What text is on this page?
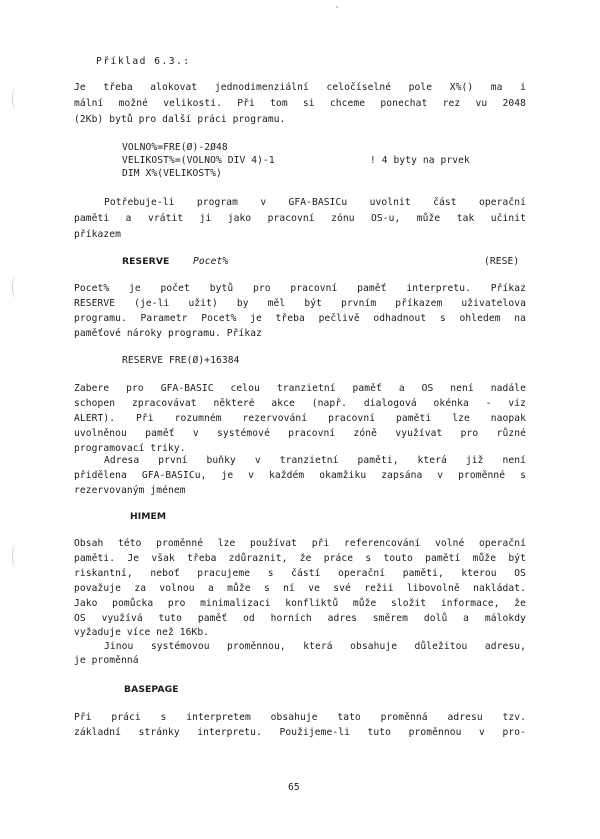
Příklad 6.3.:
Je třeba alokovat jednodimenziální celočíselné pole X%() ma i
mální možné velikosti. Při tom si chceme ponechat rez vu 2048
(2Kb) bytů pro další práci programu.
VOLNO%=FRE(Ø)-2Ø48
VELIKOST%=(VOLNO% DIV 4)-1	! 4 byty na prvek
DIM X%(VELIKOST%)
Potřebuje-li program v GFA-BASICu uvolnit část operační
paměti a vrátit ji jako pracovní zónu OS-u, může tak učinit
příkazem
RESERVE Pocet%	(RESE)
Pocet% je počet bytů pro pracovní paměť interpretu. Příkaz
RESERVE (je-li užit) by měl být prvním příkazem uživatelova
programu. Parametr Pocet% je třeba pečlivě odhadnout s ohledem na
paměťové nároky programu. Příkaz
RESERVE FRE(Ø)+16384
Zabere pro GFA-BASIC celou tranzietní paměť a OS není nadále
schopen zpracovávat některé akce (např. dialogová okénka - viz
ALERT). Při rozumném rezervování pracovní paměti lze naopak
uvolněnou paměť v systémové pracovní zóně využívat pro různé
programovací triky.
Adresa první buňky v tranzietní paměti, která již není
přidělena GFA-BASICu, je v každém okamžiku zapsána v proměnné s
rezervovaným jménem
HIMEM
Obsah této proměnné lze používat při referencování volné operační
paměti. Je však třeba zdůraznit, že práce s touto pamětí může být
riskantní, neboť pracujeme s částí operační paměti, kterou OS
považuje za volnou a může s ní ve své režii libovolně nakládat.
Jako pomůcka pro minimalizaci konfliktů může složit informace, že
OS využívá tuto paměť od horních adres směrem dolů a málokdy
vyžaduje více než 16Kb.
Jinou systémovou proměnnou, která obsahuje důležitou adresu,
je proměnná
BASEPAGE
Při práci s interpretem obsahuje tato proměnná adresu tzv.
základní stránky interpretu. Použijeme-li tuto proměnnou v pro-
65
